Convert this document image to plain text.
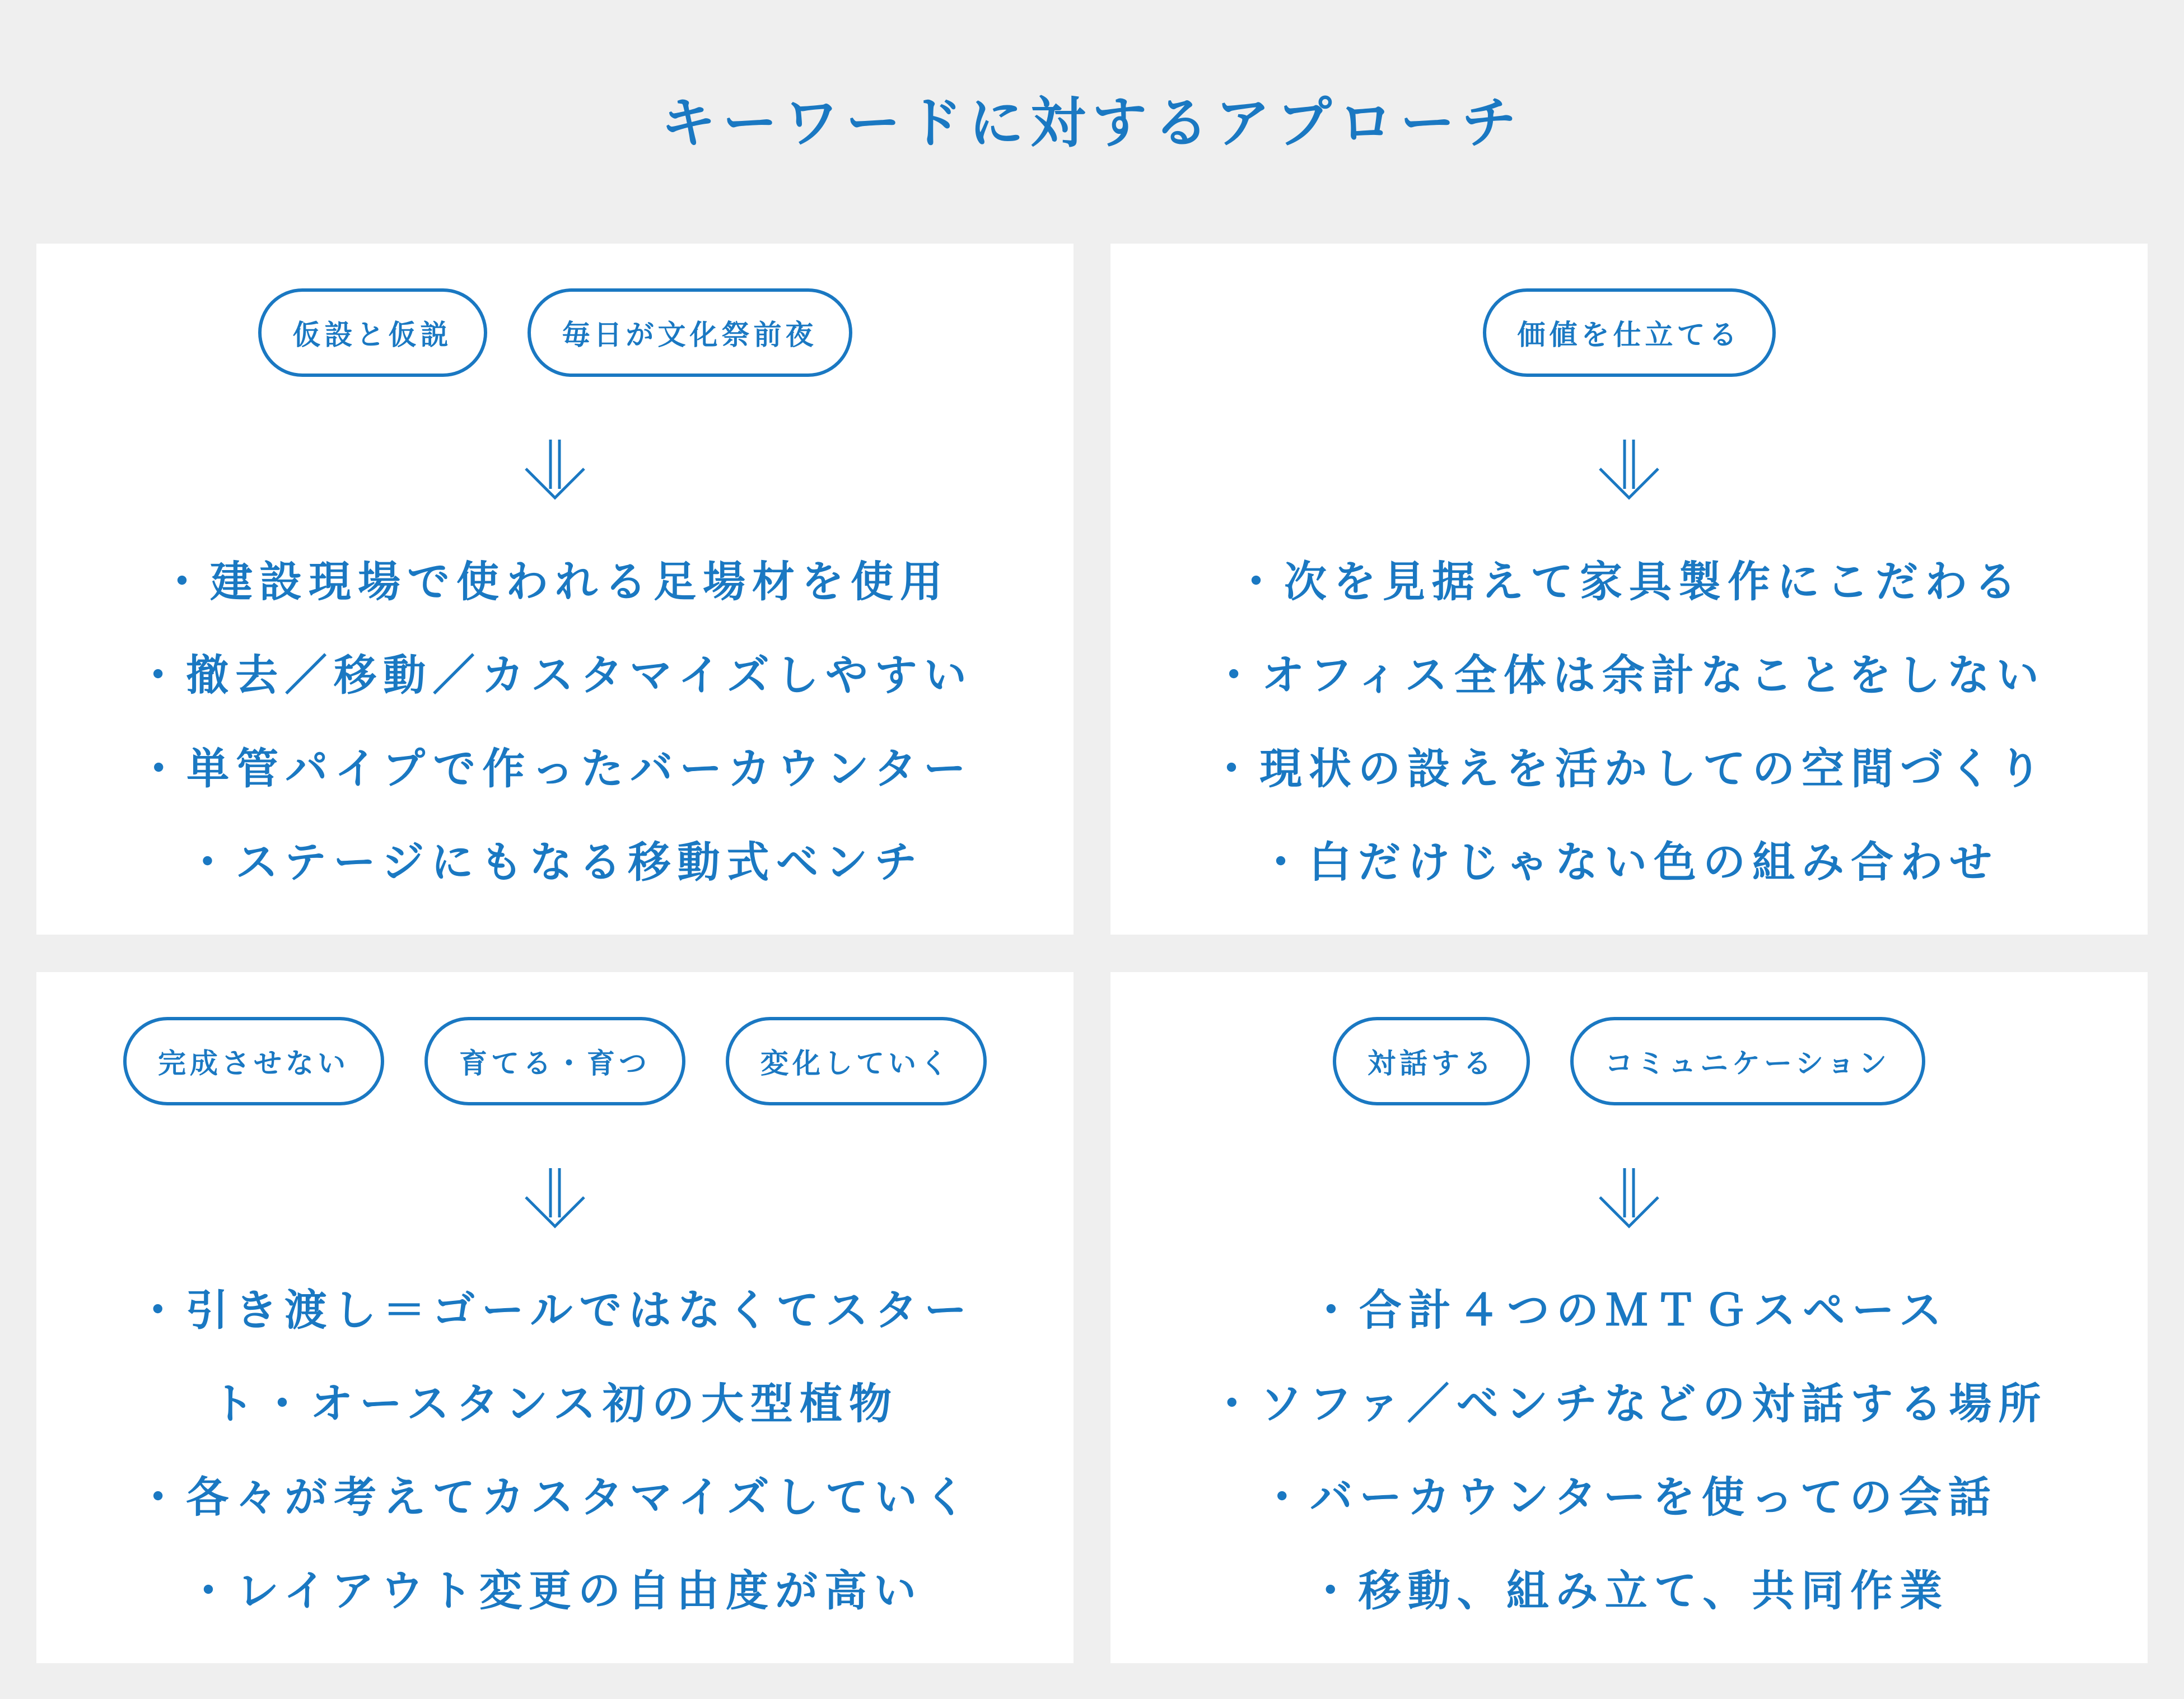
キーワードに対するアプローチ
仮設と仮説	毎日が文化祭前夜
・建設現場で使われる足場材を使用
・撤去／移動／カスタマイズしやすい
・単管パイプで作ったバーカウンター
・ステージにもなる移動式ベンチ
価値を仕立てる
・次を見据えて家具製作にこだわる
・オフィス全体は余計なことをしない
・現状の設えを活かしての空間づくり
・白だけじゃない色の組み合わせ
完成させない	育てる・育つ	変化していく
・引き渡し＝ゴールではなくてスター
ト・オースタンス初の大型植物
・各々が考えてカスタマイズしていく
・レイアウト変更の自由度が高い
対話する	コミュニケーション
・合計４つのＭＴＧスペース
・ソファ／ベンチなどの対話する場所
・バーカウンターを使っての会話
・移動、組み立て、共同作業
